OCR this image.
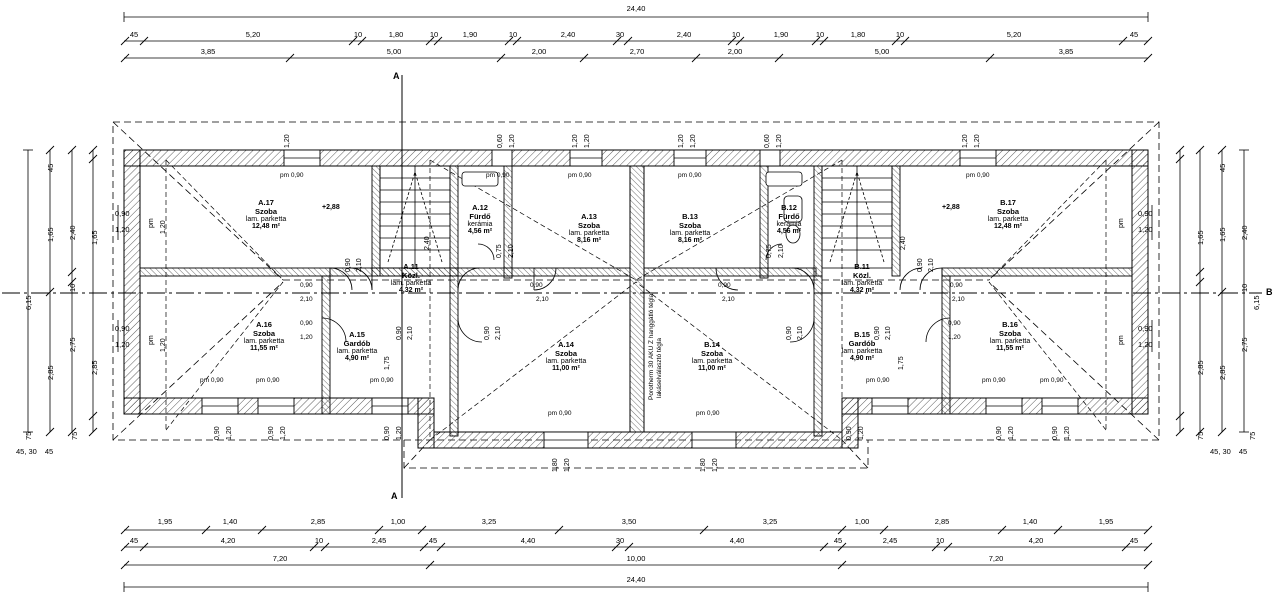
24,40
45	5,20	10	1,80	10	1,90	10	2,40	30	2,40	10	1,90	10	1,80	10	5,20	45
3,85	5,00	2,00	2,70	2,00	5,00	3,85
1,95	1,40	2,85	1,00	3,25	3,50	3,25	1,00	2,85	1,40	1,95
45	4,20	10	2,45	45	4,40	30	4,40	45	2,45	10	4,20	45
7,20	10,00	7,20
24,40
6,15
1,65
2,85
2,40
10
2,75
45
1,65
2,85
75
45, 30 45
75
0,90
1,20
0,90
1,20
pm 1,20
pm 1,20
6,15
1,65
2,85
2,40
10
2,75
45
1,65
2,85
75
45, 30 45
75
0,90
1,20
0,90
1,20
pm
pm
A
A
B
+2,88	+2,88
A.17
Szoba
lam. parketta
12,48 m²
A.12
Fürdő
kerámia
4,56 m²
A.13
Szoba
lam. parketta
8,16 m²
B.13
Szoba
lam. parketta
8,16 m²
B.12
Fürdő
kerámia
4,56 m²
B.17
Szoba
lam. parketta
12,48 m²
A.11
Közl.
lam. parketta
4,32 m²
B.11
Közl.
lam. parketta
4,32 m²
A.16
Szoba
lam. parketta
11,55 m²
A.15
Gardób
lam. parketta
4,90 m²
A.14
Szoba
lam. parketta
11,00 m²
B.14
Szoba
lam. parketta
11,00 m²
B.15
Gardób
lam. parketta
4,90 m²
B.16
Szoba
lam. parketta
11,55 m²
Porotherm 30 AKU Z hanggátló tégla lakáselválasztó tégla
1,20	0,60 1,20	1,20 1,20	1,20 1,20	0,60 1,20	1,20 1,20
pm 0,90	pm 0,90	pm 0,90	pm 0,90	pm 0,90
0,90 1,20	0,90 1,20	0,90 1,20
1,80 1,20	1,80 1,20
0,90 1,20	0,90 1,20	0,90 1,20
pm 0,90	pm 0,90	pm 0,90
pm 0,90	pm 0,90
pm 0,90	pm 0,90	pm 0,90
0,90
2,10
0,90 2,10
0,90
2,10
0,90
2,10
0,90
2,10
0,90 2,10
0,75 2,10	0,75 2,10
2,40	2,40
0,90
1,20	0,90 2,10	0,90 2,10	0,90 2,10	0,90 2,10
1,75	1,75
0,90
1,20
